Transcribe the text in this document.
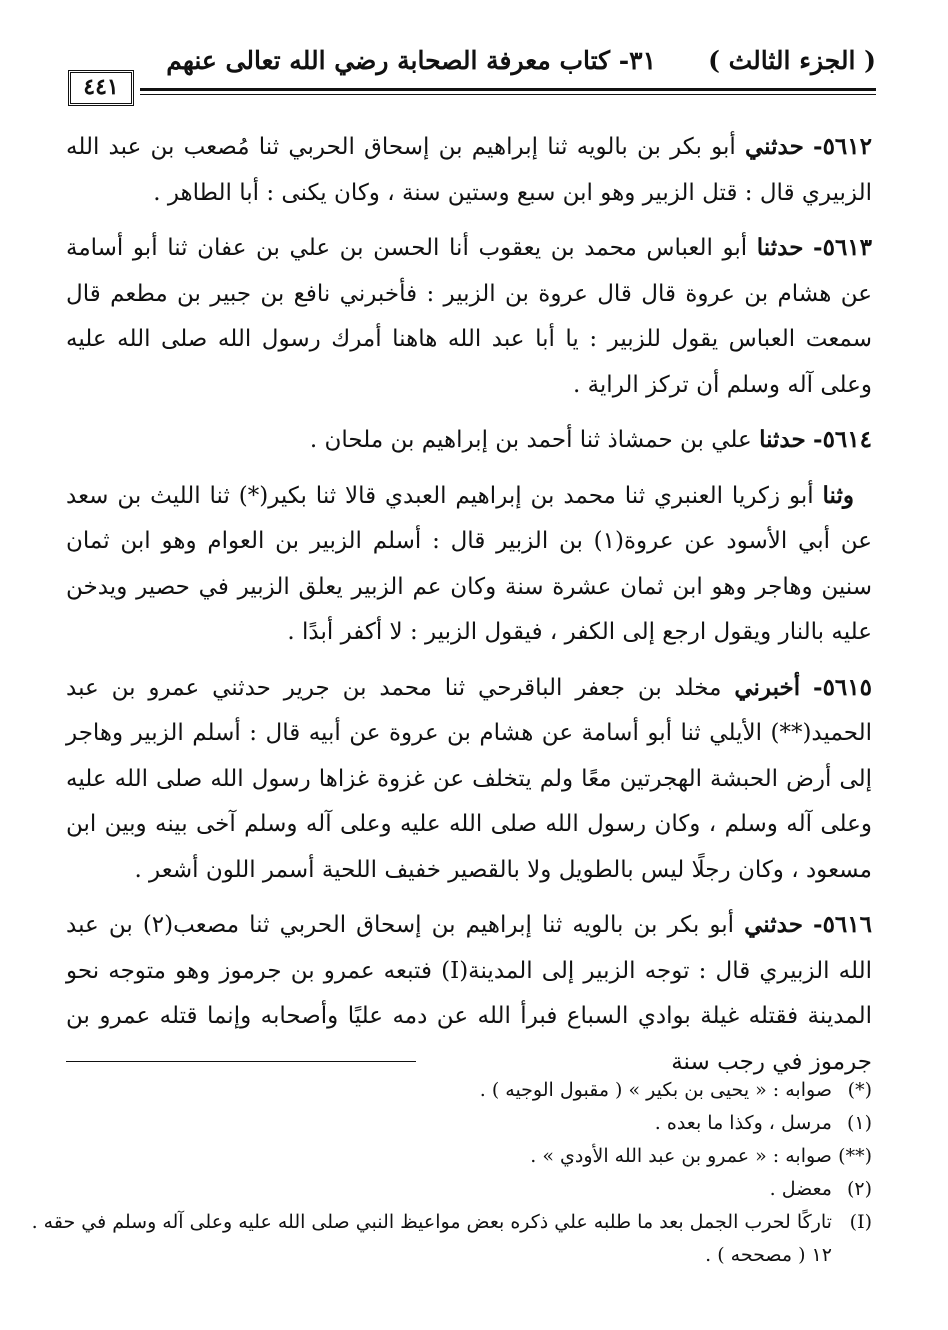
( الجزء الثالث )
٣١- كتاب معرفة الصحابة رضي الله تعالى عنهم
٤٤١

٥٦١٢- حدثني أبو بكر بن بالويه ثنا إبراهيم بن إسحاق الحربي ثنا مُصعب بن عبد الله الزبيري قال : قتل الزبير وهو ابن سبع وستين سنة ، وكان يكنى : أبا الطاهر .

٥٦١٣- حدثنا أبو العباس محمد بن يعقوب أنا الحسن بن علي بن عفان ثنا أبو أسامة عن هشام بن عروة قال قال عروة بن الزبير : فأخبرني نافع بن جبير بن مطعم قال سمعت العباس يقول للزبير : يا أبا عبد الله هاهنا أمرك رسول الله صلى الله عليه وعلى آله وسلم أن تركز الراية .

٥٦١٤- حدثنا علي بن حمشاذ ثنا أحمد بن إبراهيم بن ملحان .

وثنا أبو زكريا العنبري ثنا محمد بن إبراهيم العبدي قالا ثنا بكير(*) ثنا الليث بن سعد عن أبي الأسود عن عروة(١) بن الزبير قال : أسلم الزبير بن العوام وهو ابن ثمان سنين وهاجر وهو ابن ثمان عشرة سنة وكان عم الزبير يعلق الزبير في حصير ويدخن عليه بالنار ويقول ارجع إلى الكفر ، فيقول الزبير : لا أكفر أبدًا .

٥٦١٥- أخبرني مخلد بن جعفر الباقرحي ثنا محمد بن جرير حدثني عمرو بن عبد الحميد(**) الأيلي ثنا أبو أسامة عن هشام بن عروة عن أبيه قال : أسلم الزبير وهاجر إلى أرض الحبشة الهجرتين معًا ولم يتخلف عن غزوة غزاها رسول الله صلى الله عليه وعلى آله وسلم ، وكان رسول الله صلى الله عليه وعلى آله وسلم آخى بينه وبين ابن مسعود ، وكان رجلًا ليس بالطويل ولا بالقصير خفيف اللحية أسمر اللون أشعر .

٥٦١٦- حدثني أبو بكر بن بالويه ثنا إبراهيم بن إسحاق الحربي ثنا مصعب(٢) بن عبد الله الزبيري قال : توجه الزبير إلى المدينة(I) فتبعه عمرو بن جرموز وهو متوجه نحو المدينة فقتله غيلة بوادي السباع فبرأ الله عن دمه عليًا وأصحابه وإنما قتله عمرو بن جرموز في رجب سنة

(*) صوابه : « يحيى بن بكير » ( مقبول الوجيه ) .

(١) مرسل ، وكذا ما بعده .

(**) صوابه : « عمرو بن عبد الله الأودي » .

(٢) معضل .

(I) تاركًا لحرب الجمل بعد ما طلبه علي ذكره بعض مواعيظ النبي صلى الله عليه وعلى آله وسلم في حقه .

١٢ ( مصححه ) .
